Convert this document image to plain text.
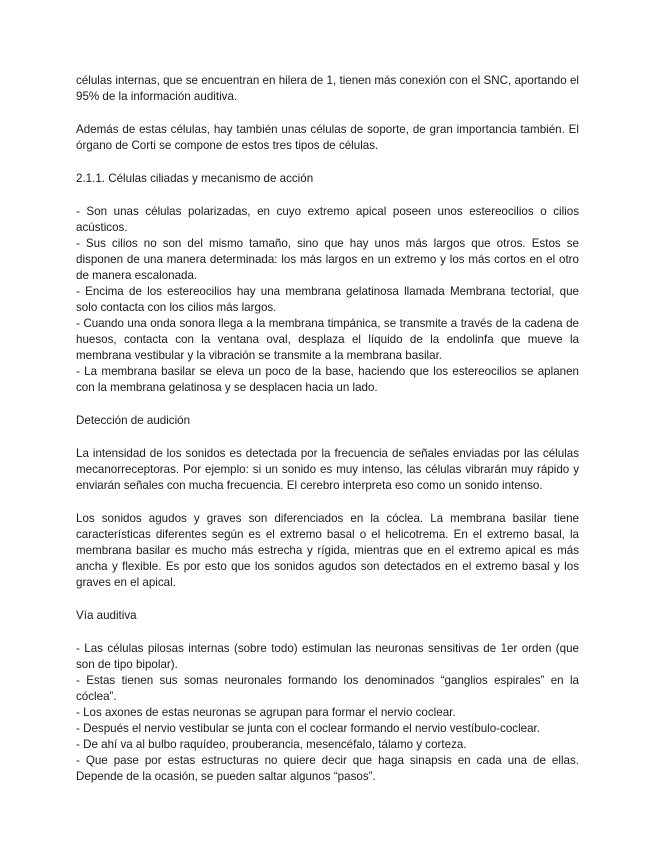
células internas, que se encuentran en hilera de 1, tienen más conexión con el SNC, aportando el 95% de la información auditiva.

Además de estas células, hay también unas células de soporte, de gran importancia también. El órgano de Corti se compone de estos tres tipos de células.

2.1.1. Células ciliadas y mecanismo de acción

- Son unas células polarizadas, en cuyo extremo apical poseen unos estereocilios o cilios acústicos.

- Sus cilios no son del mismo tamaño, sino que hay unos más largos que otros. Estos se disponen de una manera determinada: los más largos en un extremo y los más cortos en el otro de manera escalonada.

- Encima de los estereocilios hay una membrana gelatinosa llamada Membrana tectorial, que solo contacta con los cilios más largos.

- Cuando una onda sonora llega a la membrana timpánica, se transmite a través de la cadena de huesos, contacta con la ventana oval, desplaza el líquido de la endolinfa que mueve la membrana vestibular y la vibración se transmite a la membrana basilar.

- La membrana basilar se eleva un poco de la base, haciendo que los estereocilios se aplanen con la membrana gelatinosa y se desplacen hacia un lado.

Detección de audición

La intensidad de los sonidos es detectada por la frecuencia de señales enviadas por las células mecanorreceptoras. Por ejemplo: si un sonido es muy intenso, las células vibrarán muy rápido y enviarán señales con mucha frecuencia. El cerebro interpreta eso como un sonido intenso.

Los sonidos agudos y graves son diferenciados en la cóclea. La membrana basilar tiene características diferentes según es el extremo basal o el helicotrema. En el extremo basal, la membrana basilar es mucho más estrecha y rígida, mientras que en el extremo apical es más ancha y flexible. Es por esto que los sonidos agudos son detectados en el extremo basal y los graves en el apical.

Vía auditiva

- Las células pilosas internas (sobre todo) estimulan las neuronas sensitivas de 1er orden (que son de tipo bipolar).

- Estas tienen sus somas neuronales formando los denominados “ganglios espirales” en la cóclea”.

- Los axones de estas neuronas se agrupan para formar el nervio coclear.

- Después el nervio vestibular se junta con el coclear formando el nervio vestíbulo-coclear.

- De ahí va al bulbo raquídeo, prouberancia, mesencéfalo, tálamo y corteza.

- Que pase por estas estructuras no quiere decir que haga sinapsis en cada una de ellas. Depende de la ocasión, se pueden saltar algunos “pasos”.
